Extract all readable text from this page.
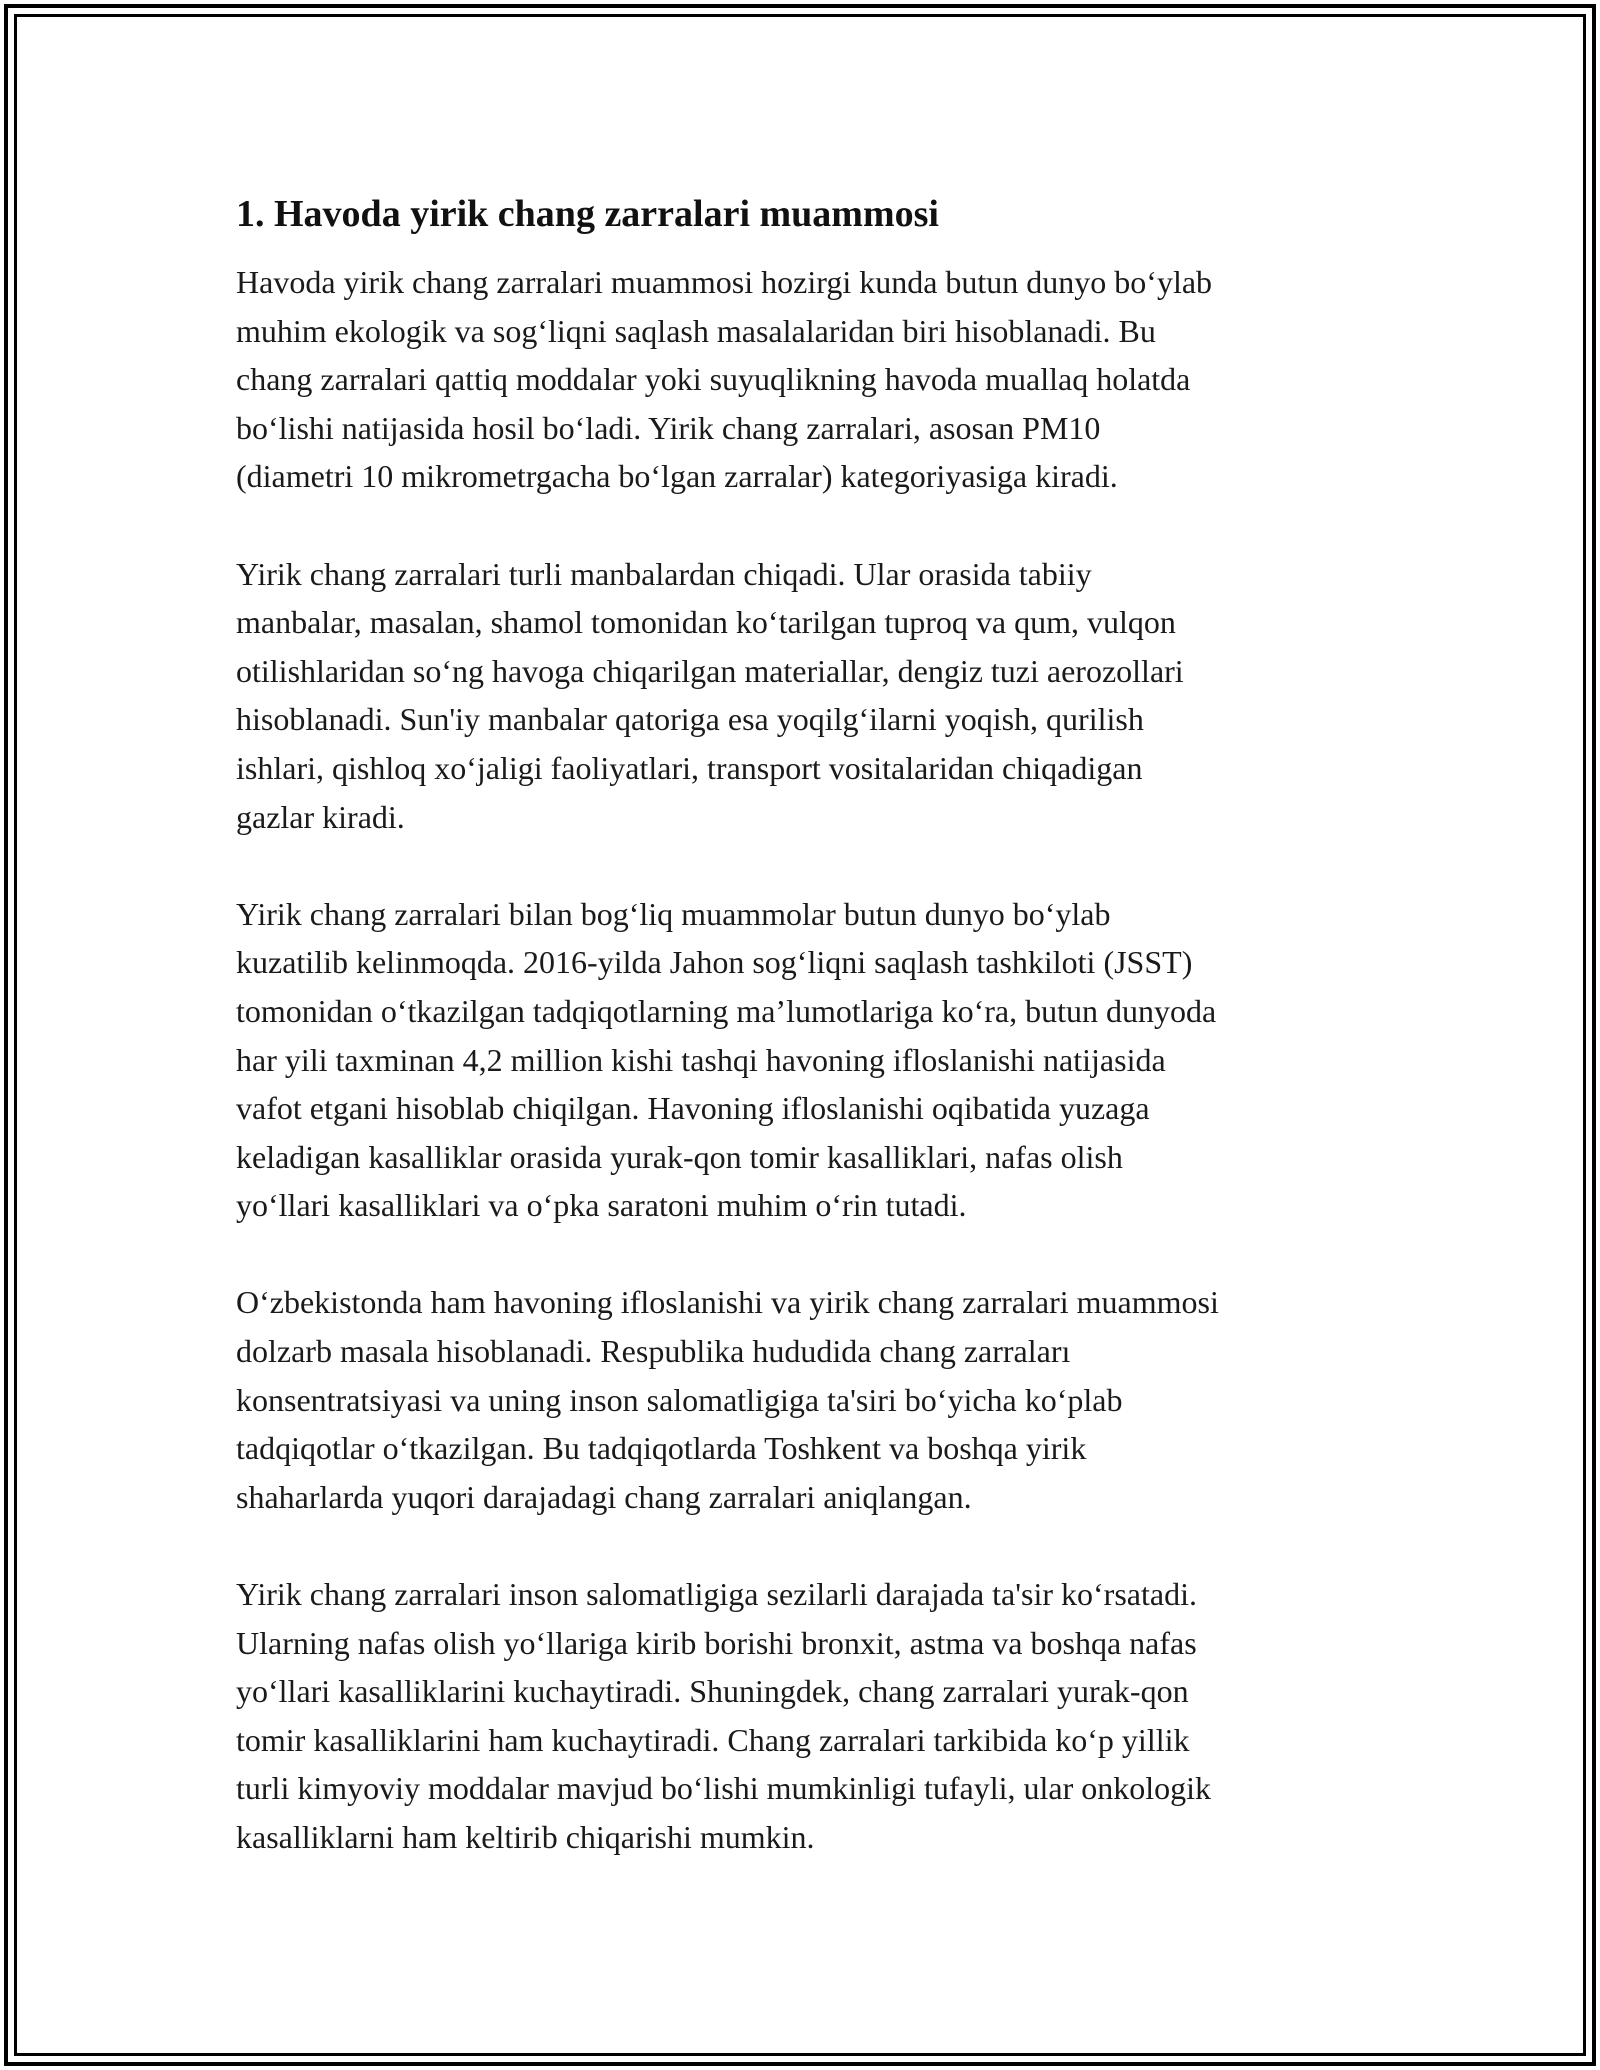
1. Havoda yirik chang zarralari muammosi

Havoda yirik chang zarralari muammosi hozirgi kunda butun dunyo bo‘ylab
muhim ekologik va sog‘liqni saqlash masalalaridan biri hisoblanadi. Bu
chang zarralari qattiq moddalar yoki suyuqlikning havoda muallaq holatda
bo‘lishi natijasida hosil bo‘ladi. Yirik chang zarralari, asosan PM10
(diametri 10 mikrometrgacha bo‘lgan zarralar) kategoriyasiga kiradi.

Yirik chang zarralari turli manbalardan chiqadi. Ular orasida tabiiy
manbalar, masalan, shamol tomonidan ko‘tarilgan tuproq va qum, vulqon
otilishlaridan so‘ng havoga chiqarilgan materiallar, dengiz tuzi aerozollari
hisoblanadi. Sun'iy manbalar qatoriga esa yoqilg‘ilarni yoqish, qurilish
ishlari, qishloq xo‘jaligi faoliyatlari, transport vositalaridan chiqadigan
gazlar kiradi.

Yirik chang zarralari bilan bog‘liq muammolar butun dunyo bo‘ylab
kuzatilib kelinmoqda. 2016-yilda Jahon sog‘liqni saqlash tashkiloti (JSST)
tomonidan o‘tkazilgan tadqiqotlarning ma’lumotlariga ko‘ra, butun dunyoda
har yili taxminan 4,2 million kishi tashqi havoning ifloslanishi natijasida
vafot etgani hisoblab chiqilgan. Havoning ifloslanishi oqibatida yuzaga
keladigan kasalliklar orasida yurak-qon tomir kasalliklari, nafas olish
yo‘llari kasalliklari va o‘pka saratoni muhim o‘rin tutadi.

O‘zbekistonda ham havoning ifloslanishi va yirik chang zarralari muammosi
dolzarb masala hisoblanadi. Respublika hududida chang zarraları
konsentratsiyasi va uning inson salomatligiga ta'siri bo‘yicha ko‘plab
tadqiqotlar o‘tkazilgan. Bu tadqiqotlarda Toshkent va boshqa yirik
shaharlarda yuqori darajadagi chang zarralari aniqlangan.

Yirik chang zarralari inson salomatligiga sezilarli darajada ta'sir ko‘rsatadi.
Ularning nafas olish yo‘llariga kirib borishi bronxit, astma va boshqa nafas
yo‘llari kasalliklarini kuchaytiradi. Shuningdek, chang zarralari yurak-qon
tomir kasalliklarini ham kuchaytiradi. Chang zarralari tarkibida ko‘p yillik
turli kimyoviy moddalar mavjud bo‘lishi mumkinligi tufayli, ular onkologik
kasalliklarni ham keltirib chiqarishi mumkin.
